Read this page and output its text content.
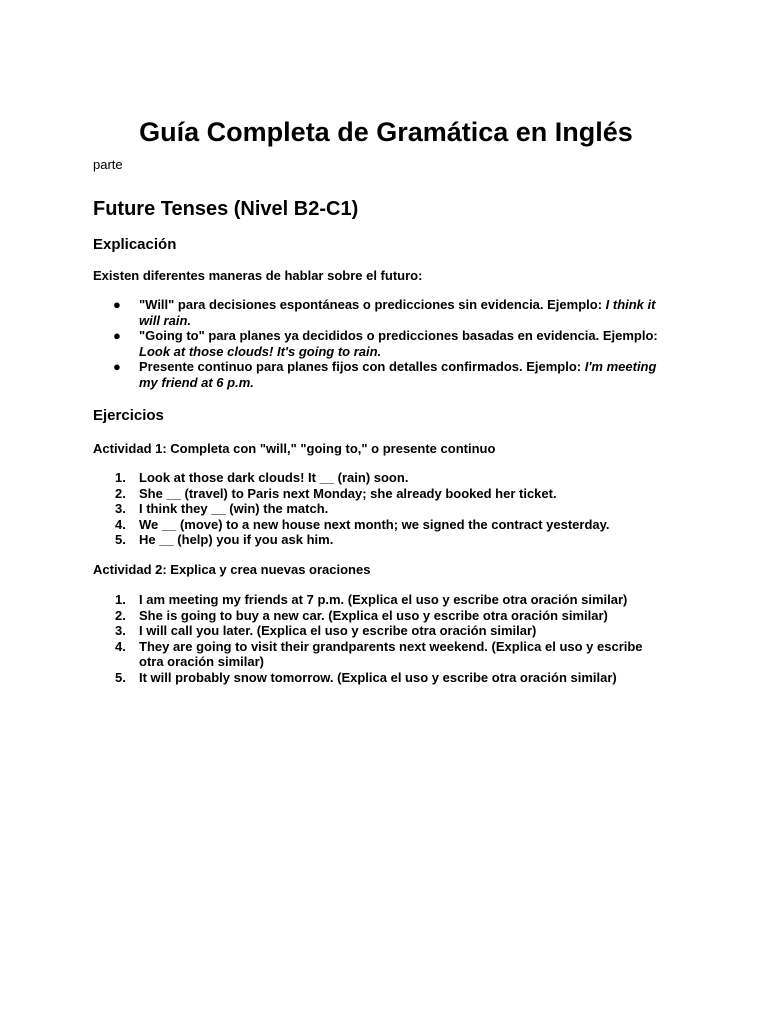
Guía Completa de Gramática en Inglés

parte

Future Tenses (Nivel B2-C1)
Explicación

Existen diferentes maneras de hablar sobre el futuro:

● "Will" para decisiones espontáneas o predicciones sin evidencia. Ejemplo: I think it will rain.
● "Going to" para planes ya decididos o predicciones basadas en evidencia. Ejemplo: Look at those clouds! It's going to rain.
● Presente continuo para planes fijos con detalles confirmados. Ejemplo: I'm meeting my friend at 6 p.m.
Ejercicios

Actividad 1: Completa con "will," "going to," o presente continuo

1. Look at those dark clouds! It __ (rain) soon.
2. She __ (travel) to Paris next Monday; she already booked her ticket.
3. I think they __ (win) the match.
4. We __ (move) to a new house next month; we signed the contract yesterday.
5. He __ (help) you if you ask him.

Actividad 2: Explica y crea nuevas oraciones

1. I am meeting my friends at 7 p.m. (Explica el uso y escribe otra oración similar)
2. She is going to buy a new car. (Explica el uso y escribe otra oración similar)
3. I will call you later. (Explica el uso y escribe otra oración similar)
4. They are going to visit their grandparents next weekend. (Explica el uso y escribe otra oración similar)
5. It will probably snow tomorrow. (Explica el uso y escribe otra oración similar)
